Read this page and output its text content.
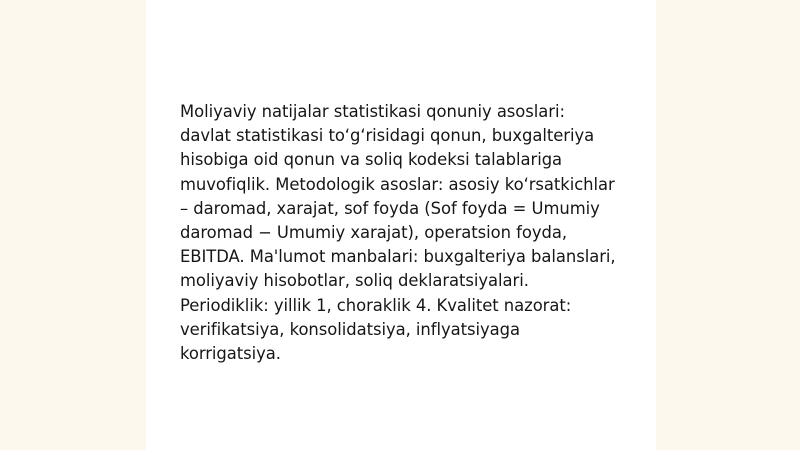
Moliyaviy natijalar statistikasi qonuniy asoslari: davlat statistikasi to‘g‘risidagi qonun, buxgalteriya hisobiga oid qonun va soliq kodeksi talablariga muvofiqlik. Metodologik asoslar: asosiy ko‘rsatkichlar – daromad, xarajat, sof foyda (Sof foyda = Umumiy daromad − Umumiy xarajat), operatsion foyda, EBITDA. Ma'lumot manbalari: buxgalteriya balanslari, moliyaviy hisobotlar, soliq deklaratsiyalari. Periodiklik: yillik 1, choraklik 4. Kvalitet nazorat: verifikatsiya, konsolidatsiya, inflyatsiyaga korrigatsiya.
